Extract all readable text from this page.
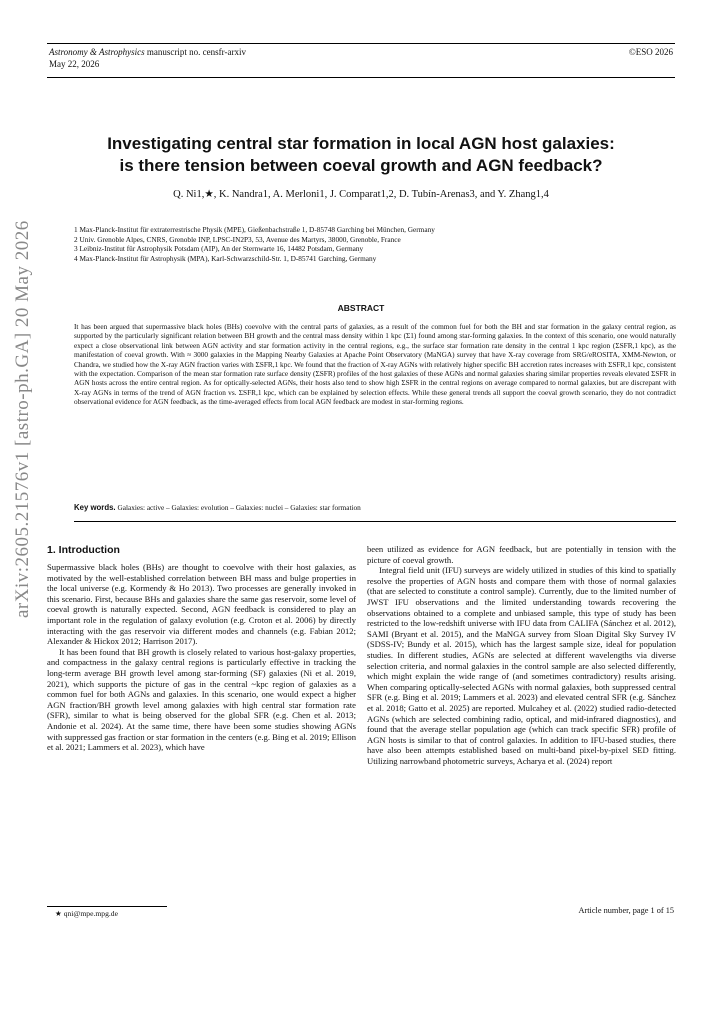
Astronomy & Astrophysics manuscript no. censfr-arxiv
May 22, 2026
©ESO 2026
arXiv:2605.21576v1 [astro-ph.GA] 20 May 2026
Investigating central star formation in local AGN host galaxies:
is there tension between coeval growth and AGN feedback?
Q. Ni1,★, K. Nandra1, A. Merloni1, J. Comparat1,2, D. Tubín-Arenas3, and Y. Zhang1,4
1 Max-Planck-Institut für extraterrestrische Physik (MPE), Gießenbachstraße 1, D-85748 Garching bei München, Germany
2 Univ. Grenoble Alpes, CNRS, Grenoble INP, LPSC-IN2P3, 53, Avenue des Martyrs, 38000, Grenoble, France
3 Leibniz-Institut für Astrophysik Potsdam (AIP), An der Sternwarte 16, 14482 Potsdam, Germany
4 Max-Planck-Institut für Astrophysik (MPA), Karl-Schwarzschild-Str. 1, D-85741 Garching, Germany
ABSTRACT
It has been argued that supermassive black holes (BHs) coevolve with the central parts of galaxies, as a result of the common fuel for both the BH and star formation in the galaxy central region, as supported by the particularly significant relation between BH growth and the central mass density within 1 kpc (Σ1) found among star-forming galaxies. In the context of this scenario, one would naturally expect a close observational link between AGN activity and star formation activity in the central regions, e.g., the surface star formation rate density in the central 1 kpc region (ΣSFR,1 kpc), as the manifestation of coeval growth. With ≈ 3000 galaxies in the Mapping Nearby Galaxies at Apache Point Observatory (MaNGA) survey that have X-ray coverage from SRG/eROSITA, XMM-Newton, or Chandra, we studied how the X-ray AGN fraction varies with ΣSFR,1 kpc. We found that the fraction of X-ray AGNs with relatively higher specific BH accretion rates increases with ΣSFR,1 kpc, consistent with the expectation. Comparison of the mean star formation rate surface density (ΣSFR) profiles of the host galaxies of these AGNs and normal galaxies sharing similar properties reveals elevated ΣSFR in AGN hosts across the entire central region. As for optically-selected AGNs, their hosts also tend to show high ΣSFR in the central regions on average compared to normal galaxies, but are discrepant with X-ray AGNs in terms of the trend of AGN fraction vs. ΣSFR,1 kpc, which can be explained by selection effects. While these general trends all support the coeval growth scenario, they do not contradict observational evidence for AGN feedback, as the time-averaged effects from local AGN feedback are modest in star-forming regions.
Key words. Galaxies: active – Galaxies: evolution – Galaxies: nuclei – Galaxies: star formation
1. Introduction

Supermassive black holes (BHs) are thought to coevolve with their host galaxies, as motivated by the well-established correlation between BH mass and bulge properties in the local universe (e.g. Kormendy & Ho 2013). Two processes are generally invoked in this scenario. First, because BHs and galaxies share the same gas reservoir, some level of coeval growth is naturally expected. Second, AGN feedback is considered to play an important role in the regulation of galaxy evolution (e.g. Croton et al. 2006) by directly interacting with the gas reservoir via different modes and channels (e.g. Fabian 2012; Alexander & Hickox 2012; Harrison 2017).

It has been found that BH growth is closely related to various host-galaxy properties, and compactness in the galaxy central regions is particularly effective in tracking the long-term average BH growth level among star-forming (SF) galaxies (Ni et al. 2019, 2021), which supports the picture of gas in the central ~kpc region of galaxies as a common fuel for both AGNs and galaxies. In this scenario, one would expect a higher AGN fraction/BH growth level among galaxies with high central star formation rate (SFR), similar to what is being observed for the global SFR (e.g. Chen et al. 2013; Andonie et al. 2024). At the same time, there have been some studies showing AGNs with suppressed gas fraction or star formation in the centers (e.g. Bing et al. 2019; Ellison et al. 2021; Lammers et al. 2023), which have

been utilized as evidence for AGN feedback, but are potentially in tension with the picture of coeval growth.

Integral field unit (IFU) surveys are widely utilized in studies of this kind to spatially resolve the properties of AGN hosts and compare them with those of normal galaxies (that are selected to constitute a control sample). Currently, due to the limited number of JWST IFU observations and the limited understanding towards recovering the observations obtained to a complete and unbiased sample, this type of study has been restricted to the low-redshift universe with IFU data from CALIFA (Sánchez et al. 2012), SAMI (Bryant et al. 2015), and the MaNGA survey from Sloan Digital Sky Survey IV (SDSS-IV; Bundy et al. 2015), which has the largest sample size, ideal for population studies. In different studies, AGNs are selected at different wavelengths via diverse selection criteria, and normal galaxies in the control sample are also selected differently, which might explain the wide range of (and sometimes contradictory) results arising. When comparing optically-selected AGNs with normal galaxies, both suppressed central SFR (e.g. Bing et al. 2019; Lammers et al. 2023) and elevated central SFR (e.g. Sánchez et al. 2018; Gatto et al. 2025) are reported. Mulcahey et al. (2022) studied radio-detected AGNs (which are selected combining radio, optical, and mid-infrared diagnostics), and found that the average stellar population age (which can track specific SFR) profile of AGN hosts is similar to that of control galaxies. In addition to IFU-based studies, there have also been attempts established based on multi-band pixel-by-pixel SED fitting. Utilizing narrowband photometric surveys, Acharya et al. (2024) report

★ qni@mpe.mpg.de	Article number, page 1 of 15
